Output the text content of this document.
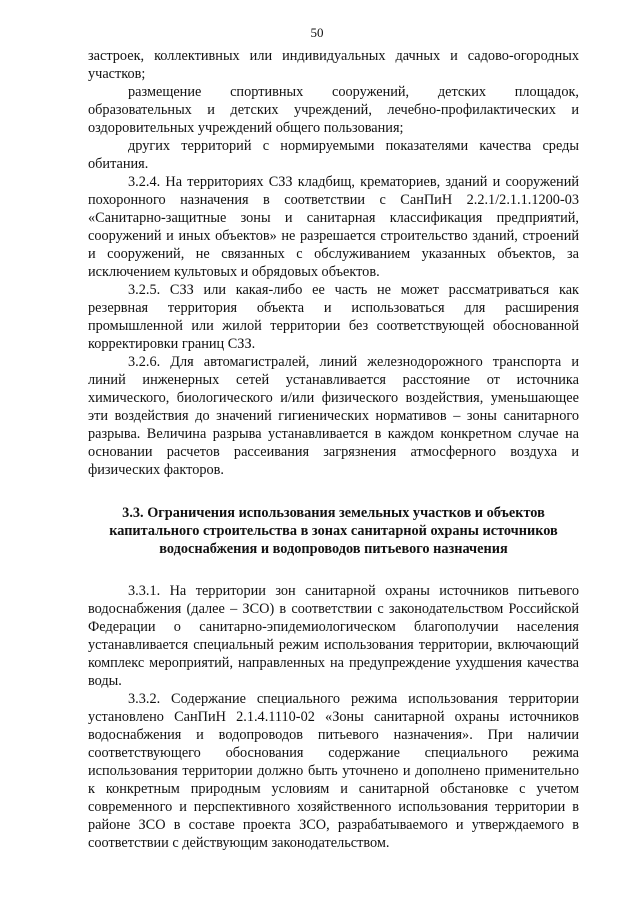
50

застроек, коллективных или индивидуальных дачных и садово-огородных участков;

размещение спортивных сооружений, детских площадок, образовательных и детских учреждений, лечебно-профилактических и оздоровительных учреждений общего пользования;

других территорий с нормируемыми показателями качества среды обитания.

3.2.4. На территориях СЗЗ кладбищ, крематориев, зданий и сооружений похоронного назначения в соответствии с СанПиН 2.2.1/2.1.1.1200-03 «Санитарно-защитные зоны и санитарная классификация предприятий, сооружений и иных объектов» не разрешается строительство зданий, строений и сооружений, не связанных с обслуживанием указанных объектов, за исключением культовых и обрядовых объектов.

3.2.5. СЗЗ или какая-либо ее часть не может рассматриваться как резервная территория объекта и использоваться для расширения промышленной или жилой территории без соответствующей обоснованной корректировки границ СЗЗ.

3.2.6. Для автомагистралей, линий железнодорожного транспорта и линий инженерных сетей устанавливается расстояние от источника химического, биологического и/или физического воздействия, уменьшающее эти воздействия до значений гигиенических нормативов – зоны санитарного разрыва. Величина разрыва устанавливается в каждом конкретном случае на основании расчетов рассеивания загрязнения атмосферного воздуха и физических факторов.

3.3. Ограничения использования земельных участков и объектов
капитального строительства в зонах санитарной охраны источников
водоснабжения и водопроводов питьевого назначения

3.3.1. На территории зон санитарной охраны источников питьевого водоснабжения (далее – ЗСО) в соответствии с законодательством Российской Федерации о санитарно-эпидемиологическом благополучии населения устанавливается специальный режим использования территории, включающий комплекс мероприятий, направленных на предупреждение ухудшения качества воды.

3.3.2. Содержание специального режима использования территории установлено СанПиН 2.1.4.1110-02 «Зоны санитарной охраны источников водоснабжения и водопроводов питьевого назначения». При наличии соответствующего обоснования содержание специального режима использования территории должно быть уточнено и дополнено применительно к конкретным природным условиям и санитарной обстановке с учетом современного и перспективного хозяйственного использования территории в районе ЗСО в составе проекта ЗСО, разрабатываемого и утверждаемого в соответствии с действующим законодательством.
